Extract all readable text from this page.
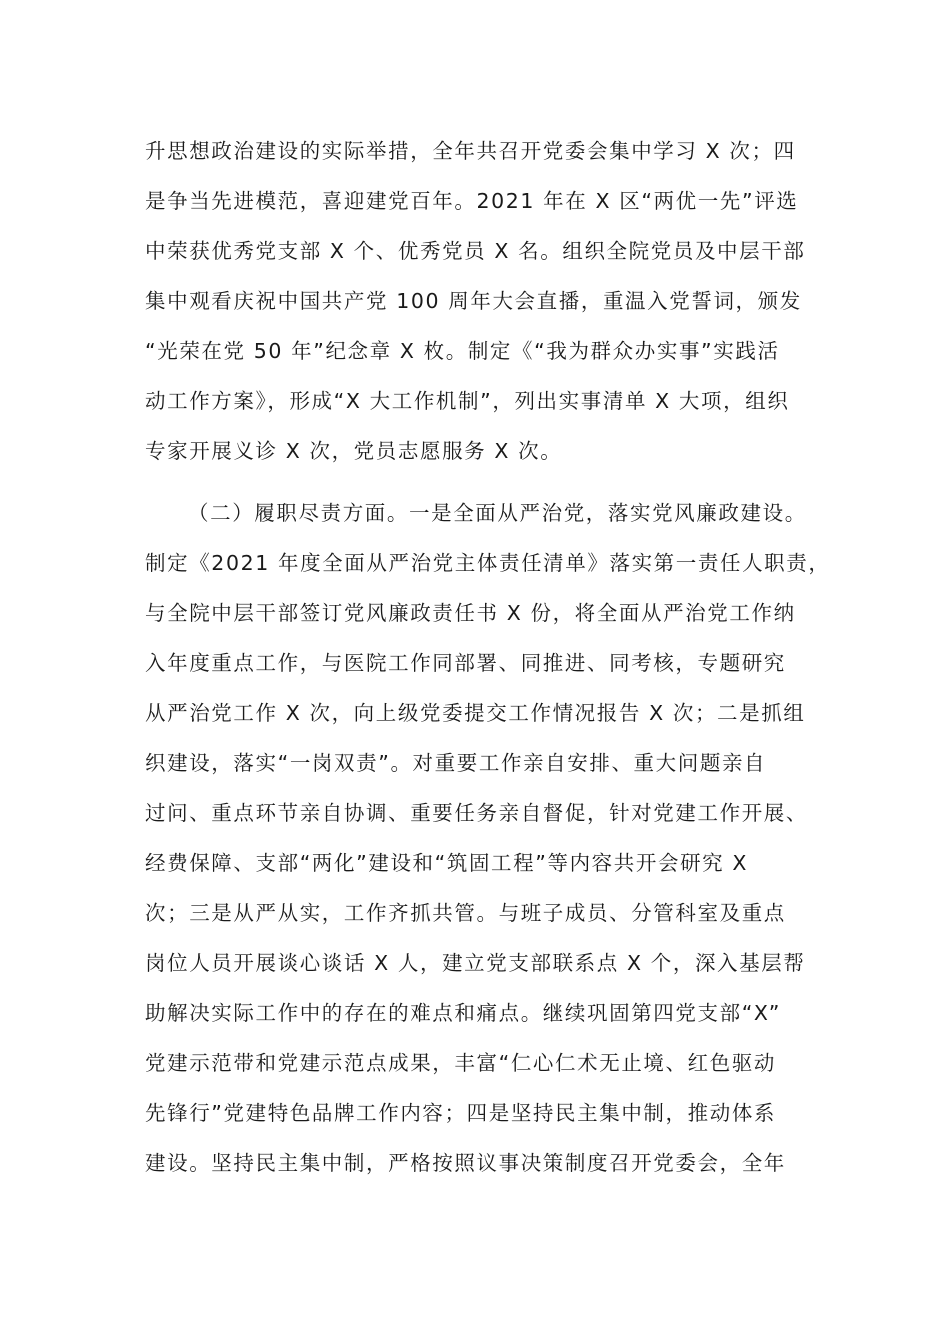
升思想政治建设的实际举措，全年共召开党委会集中学习 X 次；四
是争当先进模范，喜迎建党百年。2021 年在 X 区“两优一先”评选
中荣获优秀党支部 X 个、优秀党员 X 名。组织全院党员及中层干部
集中观看庆祝中国共产党 100 周年大会直播，重温入党誓词，颁发
“光荣在党 50 年”纪念章 X 枚。制定《“我为群众办实事”实践活
动工作方案》，形成“X 大工作机制”，列出实事清单 X 大项，组织
专家开展义诊 X 次，党员志愿服务 X 次。
（二）履职尽责方面。一是全面从严治党，落实党风廉政建设。
制定《2021 年度全面从严治党主体责任清单》落实第一责任人职责，
与全院中层干部签订党风廉政责任书 X 份，将全面从严治党工作纳
入年度重点工作，与医院工作同部署、同推进、同考核，专题研究
从严治党工作 X 次，向上级党委提交工作情况报告 X 次；二是抓组
织建设，落实“一岗双责”。对重要工作亲自安排、重大问题亲自
过问、重点环节亲自协调、重要任务亲自督促，针对党建工作开展、
经费保障、支部“两化”建设和“筑固工程”等内容共开会研究 X
次；三是从严从实，工作齐抓共管。与班子成员、分管科室及重点
岗位人员开展谈心谈话 X 人，建立党支部联系点 X 个，深入基层帮
助解决实际工作中的存在的难点和痛点。继续巩固第四党支部“X”
党建示范带和党建示范点成果，丰富“仁心仁术无止境、红色驱动
先锋行”党建特色品牌工作内容；四是坚持民主集中制，推动体系
建设。坚持民主集中制，严格按照议事决策制度召开党委会，全年
